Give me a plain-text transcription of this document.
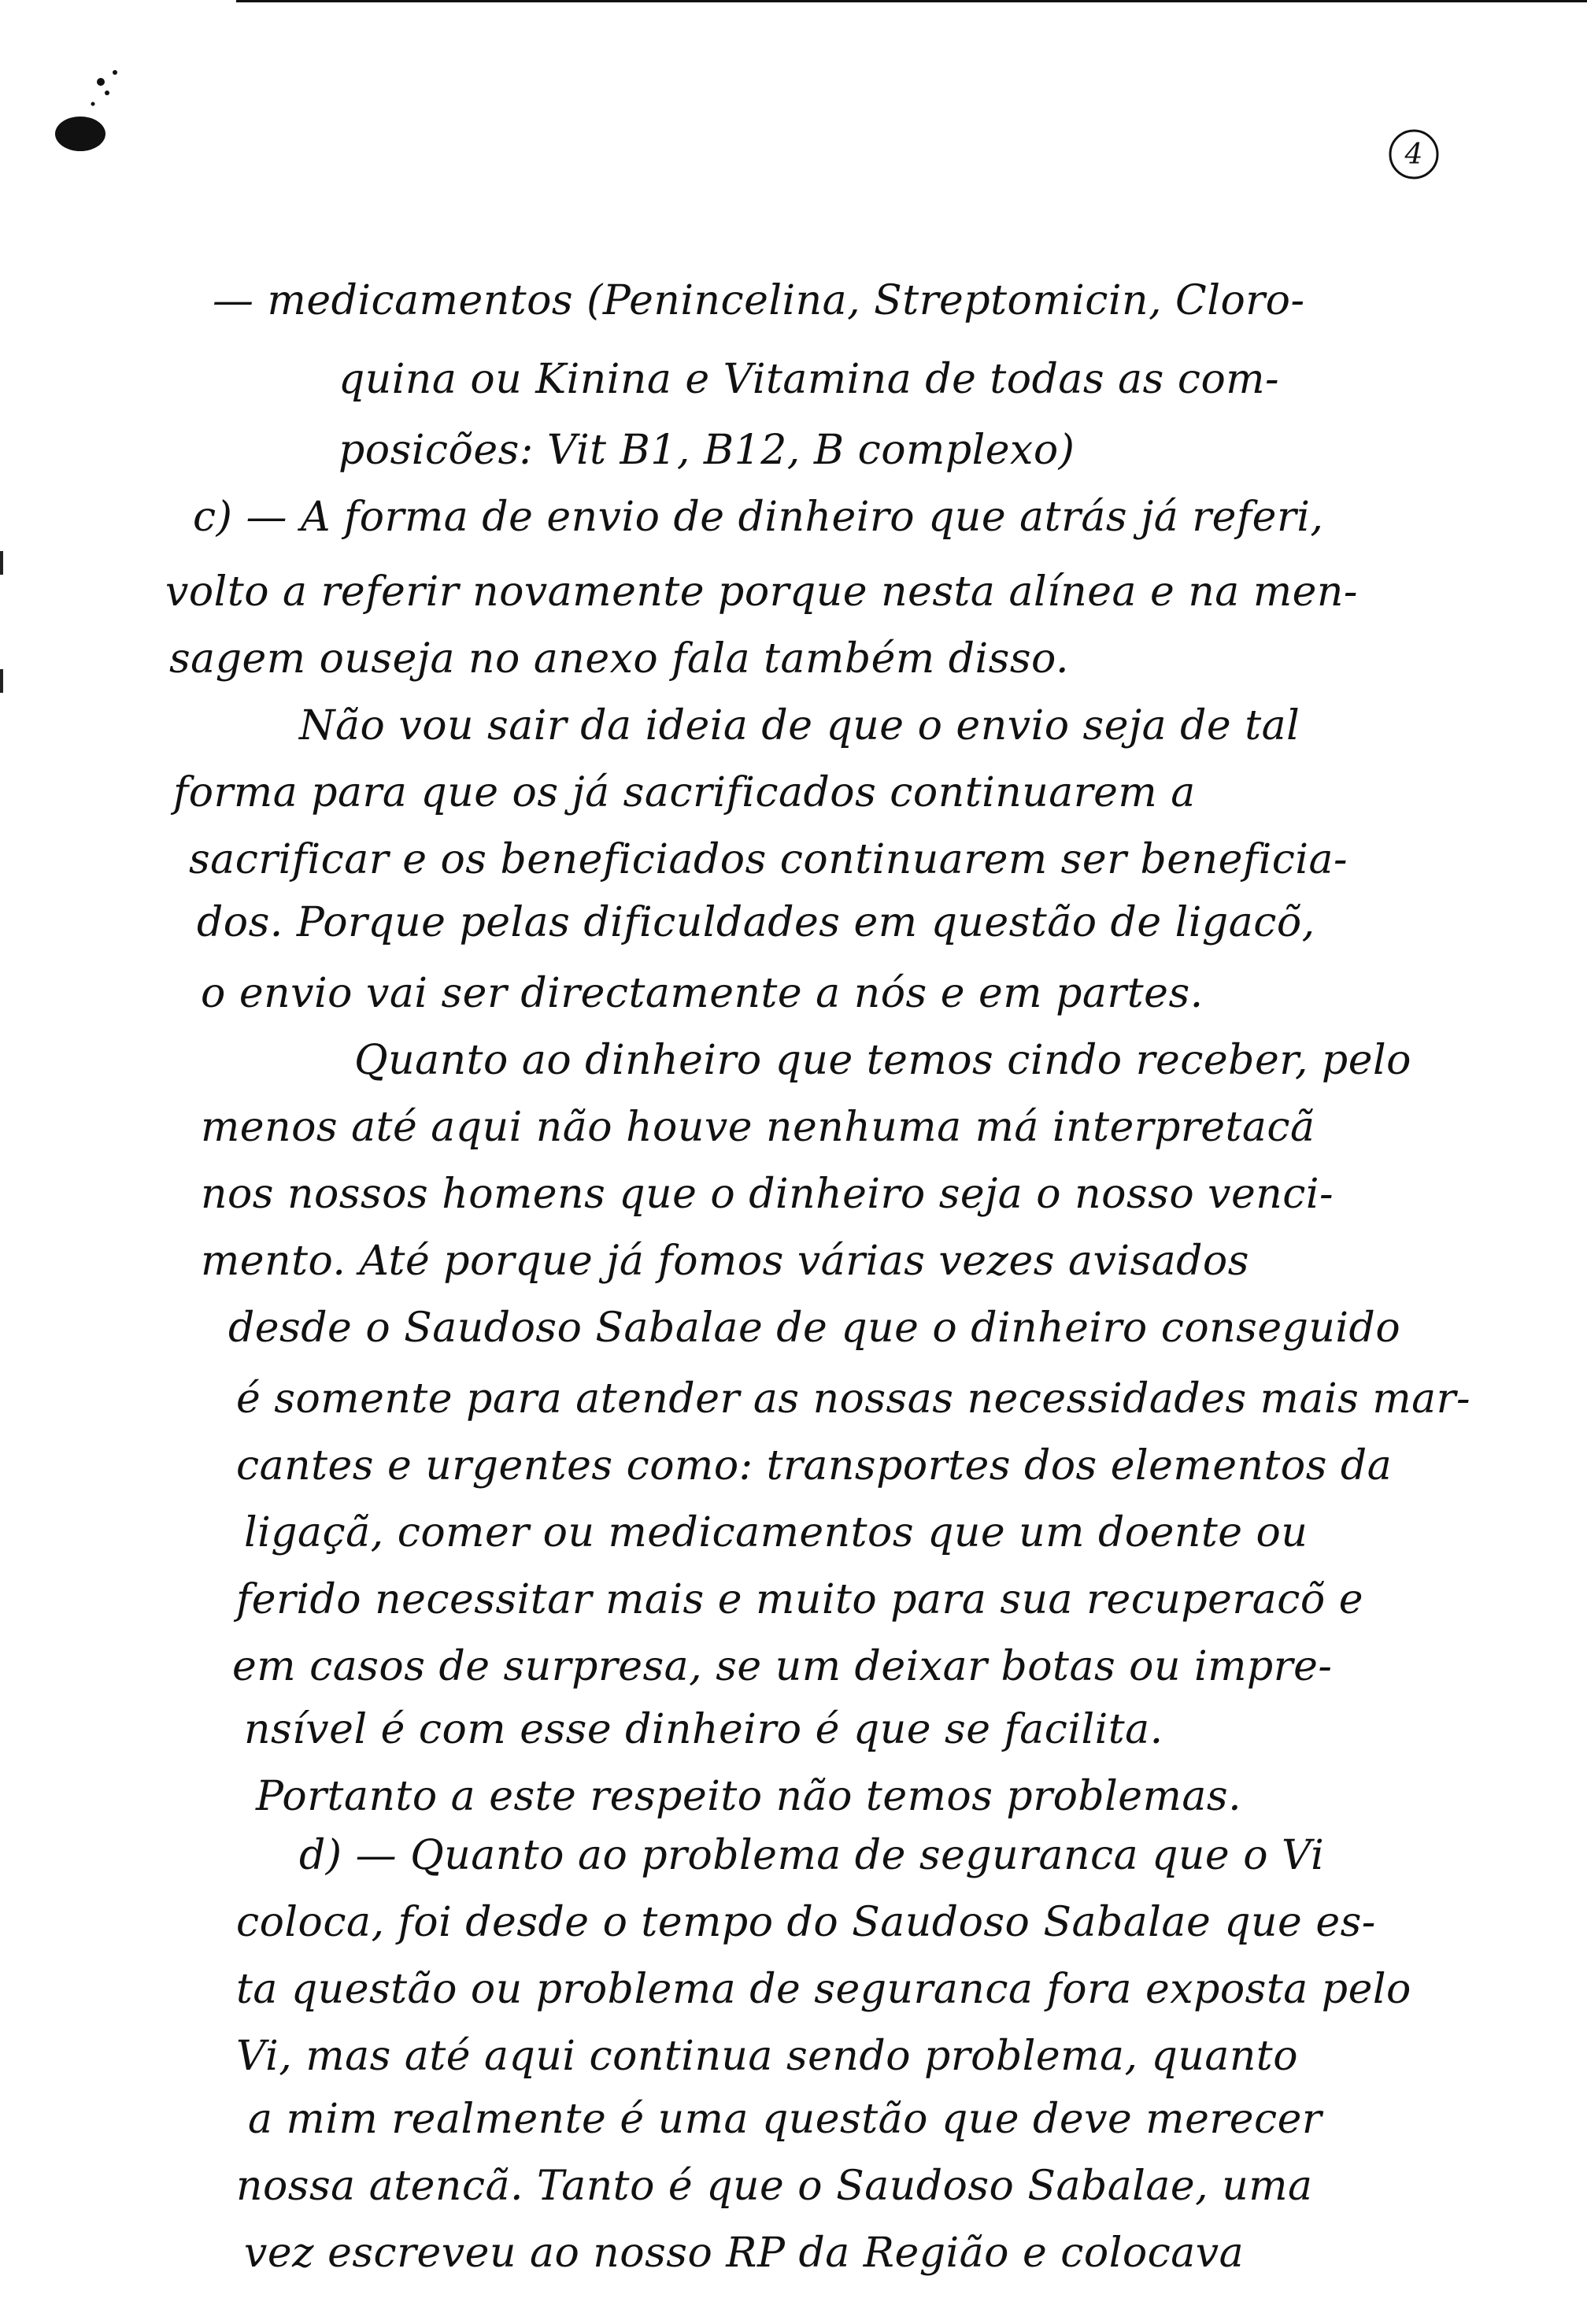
4
— medicamentos (Penincelina, Streptomicin, Cloro-
quina ou Kinina e Vitamina de todas as com-
posicões: Vit B1, B12, B complexo)
c) — A forma de envio de dinheiro que atrás já referi,
volto a referir novamente porque nesta alínea e na men-
sagem ouseja no anexo fala também disso.
Não vou sair da ideia de que o envio seja de tal
forma para que os já sacrificados continuarem a
sacrificar e os beneficiados continuarem ser beneficia-
dos. Porque pelas dificuldades em questão de ligacõ,
o envio vai ser directamente a nós e em partes.
Quanto ao dinheiro que temos cindo receber, pelo
menos até aqui não houve nenhuma má interpretacã
nos nossos homens que o dinheiro seja o nosso venci-
mento. Até porque já fomos várias vezes avisados
desde o Saudoso Sabalae de que o dinheiro conseguido
é somente para atender as nossas necessidades mais mar-
cantes e urgentes como: transportes dos elementos da
ligaçã, comer ou medicamentos que um doente ou
ferido necessitar mais e muito para sua recuperacõ e
em casos de surpresa, se um deixar botas ou impre-
nsível é com esse dinheiro é que se facilita.
Portanto a este respeito não temos problemas.
d) — Quanto ao problema de seguranca que o Vi
coloca, foi desde o tempo do Saudoso Sabalae que es-
ta questão ou problema de seguranca fora exposta pelo
Vi, mas até aqui continua sendo problema, quanto
a mim realmente é uma questão que deve merecer
nossa atencã. Tanto é que o Saudoso Sabalae, uma
vez escreveu ao nosso RP da Região e colocava
